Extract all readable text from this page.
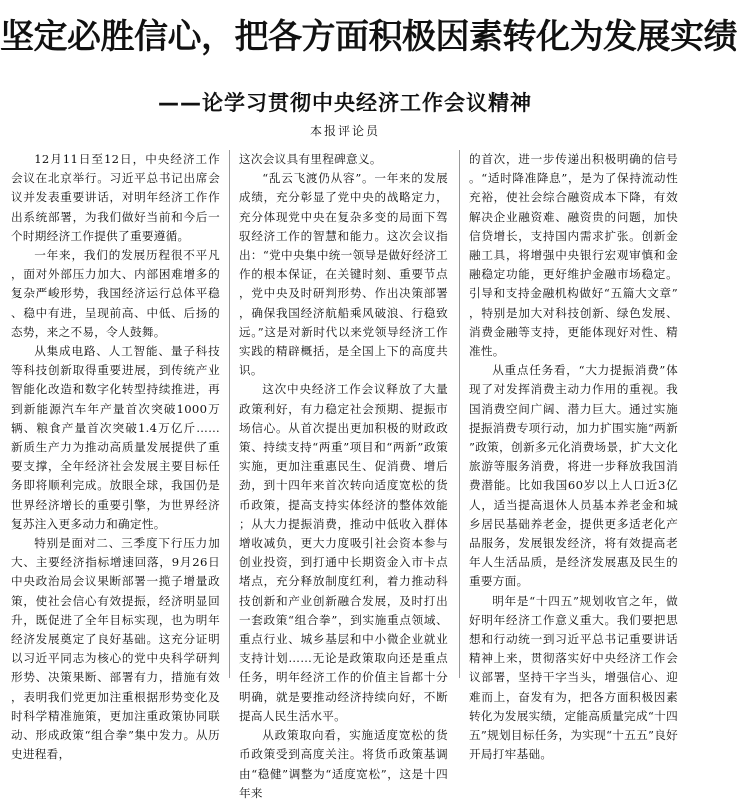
坚定必胜信心，把各方面积极因素转化为发展实绩
——论学习贯彻中央经济工作会议精神
本报评论员

12月11日至12日，中央经济工作会议在北京举行。习近平总书记出席会议并发表重要讲话，对明年经济工作作出系统部署，为我们做好当前和今后一个时期经济工作提供了重要遵循。

一年来，我们的发展历程很不平凡，面对外部压力加大、内部困难增多的复杂严峻形势，我国经济运行总体平稳、稳中有进，呈现前高、中低、后扬的态势，来之不易，令人鼓舞。

从集成电路、人工智能、量子科技等科技创新取得重要进展，到传统产业智能化改造和数字化转型持续推进，再到新能源汽车年产量首次突破1000万辆、粮食产量首次突破1.4万亿斤……新质生产力为推动高质量发展提供了重要支撑，全年经济社会发展主要目标任务即将顺利完成。放眼全球，我国仍是世界经济增长的重要引擎，为世界经济复苏注入更多动力和确定性。

特别是面对二、三季度下行压力加大、主要经济指标增速回落，9月26日中央政治局会议果断部署一揽子增量政策，使社会信心有效提振，经济明显回升，既促进了全年目标实现，也为明年经济发展奠定了良好基础。这充分证明以习近平同志为核心的党中央科学研判形势、决策果断、部署有力，措施有效，表明我们党更加注重根据形势变化及时科学精准施策，更加注重政策协同联动、形成政策“组合拳”集中发力。从历史进程看，

这次会议具有里程碑意义。

“乱云飞渡仍从容”。一年来的发展成绩，充分彰显了党中央的战略定力，充分体现党中央在复杂多变的局面下驾驭经济工作的智慧和能力。这次会议指出：“党中央集中统一领导是做好经济工作的根本保证，在关键时刻、重要节点，党中央及时研判形势、作出决策部署，确保我国经济航船乘风破浪、行稳致远。”这是对新时代以来党领导经济工作实践的精辟概括，是全国上下的高度共识。

这次中央经济工作会议释放了大量政策利好，有力稳定社会预期、提振市场信心。从首次提出更加积极的财政政策、持续支持“两重”项目和“两新”政策实施，更加注重惠民生、促消费、增后劲，到十四年来首次转向适度宽松的货币政策，提高支持实体经济的整体效能；从大力提振消费，推动中低收入群体增收减负，更大力度吸引社会资本参与创业投资，到打通中长期资金入市卡点堵点，充分释放制度红利，着力推动科技创新和产业创新融合发展，及时打出一套政策“组合拳”，到实施重点领域、重点行业、城乡基层和中小微企业就业支持计划……无论是政策取向还是重点任务，明年经济工作的价值主旨都十分明确，就是要推动经济持续向好，不断提高人民生活水平。

从政策取向看，实施适度宽松的货币政策受到高度关注。将货币政策基调由“稳健”调整为“适度宽松”，这是十四年来

的首次，进一步传递出积极明确的信号。“适时降准降息”，是为了保持流动性充裕，使社会综合融资成本下降，有效解决企业融资难、融资贵的问题，加快信贷增长，支持国内需求扩张。创新金融工具，将增强中央银行宏观审慎和金融稳定功能，更好维护金融市场稳定。引导和支持金融机构做好“五篇大文章”，特别是加大对科技创新、绿色发展、消费金融等支持，更能体现好对性、精准性。

从重点任务看，“大力提振消费”体现了对发挥消费主动力作用的重视。我国消费空间广阔、潜力巨大。通过实施提振消费专项行动，加力扩围实施“两新”政策，创新多元化消费场景，扩大文化旅游等服务消费，将进一步释放我国消费潜能。比如我国60岁以上人口近3亿人，适当提高退休人员基本养老金和城乡居民基础养老金，提供更多适老化产品服务，发展银发经济，将有效提高老年人生活品质，是经济发展惠及民生的重要方面。

明年是“十四五”规划收官之年，做好明年经济工作意义重大。我们要把思想和行动统一到习近平总书记重要讲话精神上来，贯彻落实好中央经济工作会议部署，坚持干字当头，增强信心、迎难而上，奋发有为，把各方面积极因素转化为发展实绩，定能高质量完成“十四五”规划目标任务，为实现“十五五”良好开局打牢基础。
